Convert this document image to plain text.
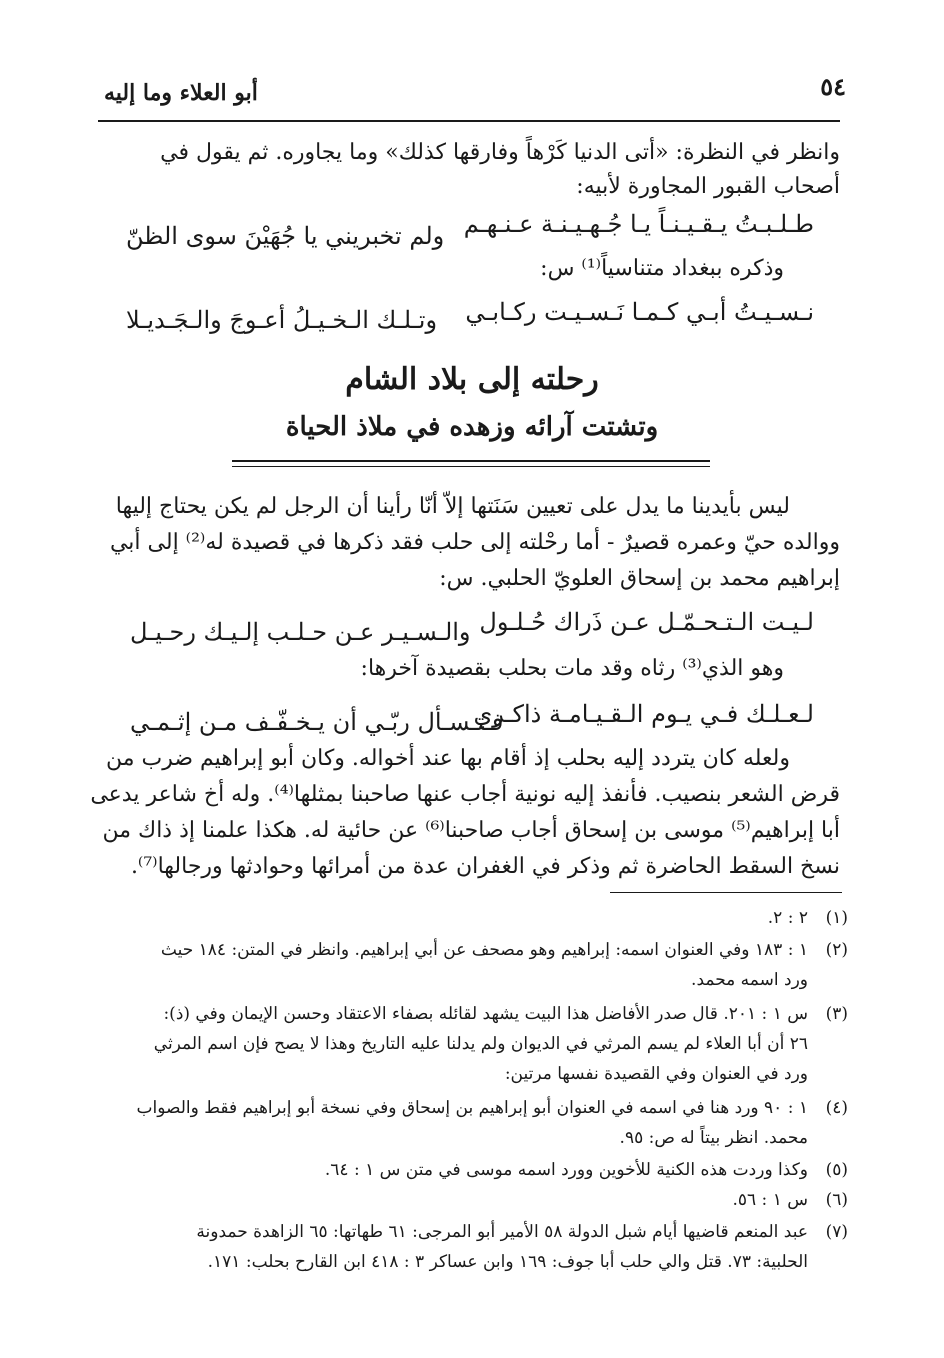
٥٤
أبو العلاء وما إليه
وانظر في النظرة: «أتى الدنيا كَرْهاً وفارقها كذلك» وما يجاوره. ثم يقول في
أصحاب القبور المجاورة لأبيه:
طـلـبـتُ يـقـيـنـاً يـا جُـهـيـنـة عـنـهـم
ولم تخبريني يا جُهَيْنَ سوى الظنّ
وذكره ببغداد متناسياً⁽¹⁾ س:
نـسـيـتُ أبـي كـمـا نَـسـيـت ركـابـي
وتـلـك الـخـيـلُ أعـوجَ والـجَـديـلا
رحلته إلى بلاد الشام
وتشتت آرائه وزهده في ملاذ الحياة
ليس بأيدينا ما يدل على تعيين سَنَتها إلاّ أنّا رأينا أن الرجل لم يكن يحتاج إليها
ووالده حيّ وعمره قصيرٌ - أما رحْلته إلى حلب فقد ذكرها في قصيدة له⁽²⁾ إلى أبي
إبراهيم محمد بن إسحاق العلويّ الحلبي. س:
لـيـت الـتـحـمّـل عـن ذَراك حُـلـول
والـسـيـر عـن حـلـب إلـيـك رحـيـل
وهو الذي⁽³⁾ رثاه وقد مات بحلب بقصيدة آخرها:
لـعـلـك فـي يـوم الـقـيـامـة ذاكـري
فـتـسـأل ربّـي أن يـخـفّـف مـن إثـمـي
ولعله كان يتردد إليه بحلب إذ أقام بها عند أخواله. وكان أبو إبراهيم ضرب من
قرض الشعر بنصيب. فأنفذ إليه نونية أجاب عنها صاحبنا بمثلها⁽⁴⁾. وله أخ شاعر يدعى
أبا إبراهيم⁽⁵⁾ موسى بن إسحاق أجاب صاحبنا⁽⁶⁾ عن حائية له. هكذا علمنا إذ ذاك من
نسخ السقط الحاضرة ثم وذكر في الغفران عدة من أمرائها وحوادثها ورجالها⁽⁷⁾.
(١)
٢ : ٢.
(٢)
١ : ١٨٣ وفي العنوان اسمه: إبراهيم وهو مصحف عن أبي إبراهيم. وانظر في المتن: ١٨٤ حيث
ورد اسمه محمد.
(٣)
س ١ : ٢٠١. قال صدر الأفاضل هذا البيت يشهد لقائله بصفاء الاعتقاد وحسن الإيمان وفي (ذ):
٢٦ أن أبا العلاء لم يسم المرثي في الديوان ولم يدلنا عليه التاريخ وهذا لا يصح فإن اسم المرثي
ورد في العنوان وفي القصيدة نفسها مرتين:
(٤)
١ : ٩٠ ورد هنا في اسمه في العنوان أبو إبراهيم بن إسحاق وفي نسخة أبو إبراهيم فقط والصواب
محمد. انظر بيتاً له ص: ٩٥.
(٥)
وكذا وردت هذه الكنية للأخوين وورد اسمه موسى في متن س ١ : ٦٤.
(٦)
س ١ : ٥٦.
(٧)
عبد المنعم قاضيها أيام شبل الدولة ٥٨ الأمير أبو المرجى: ٦١ طهاتها: ٦٥ الزاهدة حمدونة
الحلبية: ٧٣. قتل والي حلب أبا جوف: ١٦٩ وابن عساكر ٣ : ٤١٨ ابن القارح بحلب: ١٧١.
